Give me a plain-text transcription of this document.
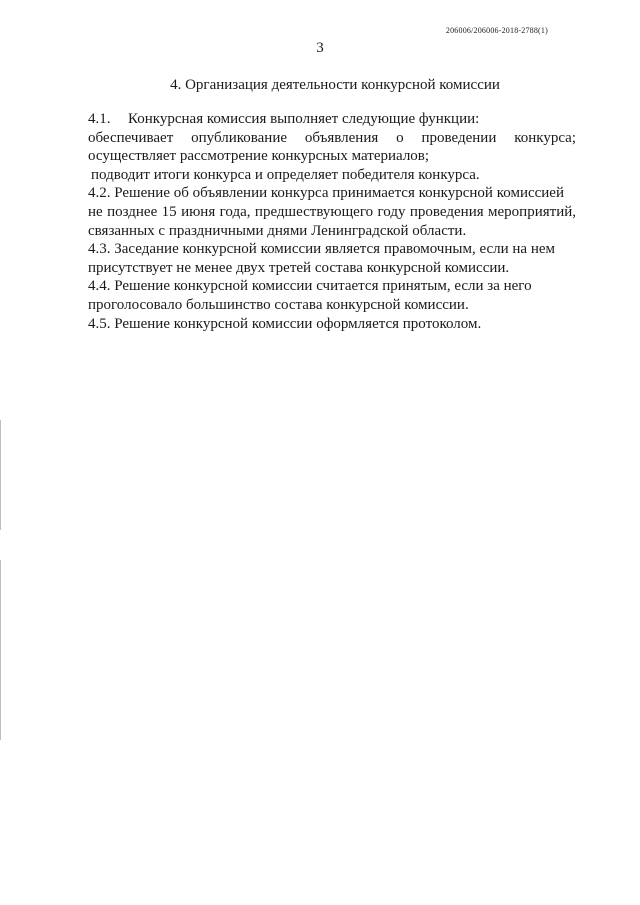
206006/206006-2018-2788(1)
3
4. Организация деятельности конкурсной комиссии
4.1. Конкурсная комиссия выполняет следующие функции:
обеспечивает опубликование объявления о проведении конкурса;
осуществляет рассмотрение конкурсных материалов;
подводит итоги конкурса и определяет победителя конкурса.
4.2. Решение об объявлении конкурса принимается конкурсной комиссией
не позднее 15 июня года, предшествующего году проведения мероприятий,
связанных с праздничными днями Ленинградской области.
4.3. Заседание конкурсной комиссии является правомочным, если на нем
присутствует не менее двух третей состава конкурсной комиссии.
4.4. Решение конкурсной комиссии считается принятым, если за него
проголосовало большинство состава конкурсной комиссии.
4.5. Решение конкурсной комиссии оформляется протоколом.
